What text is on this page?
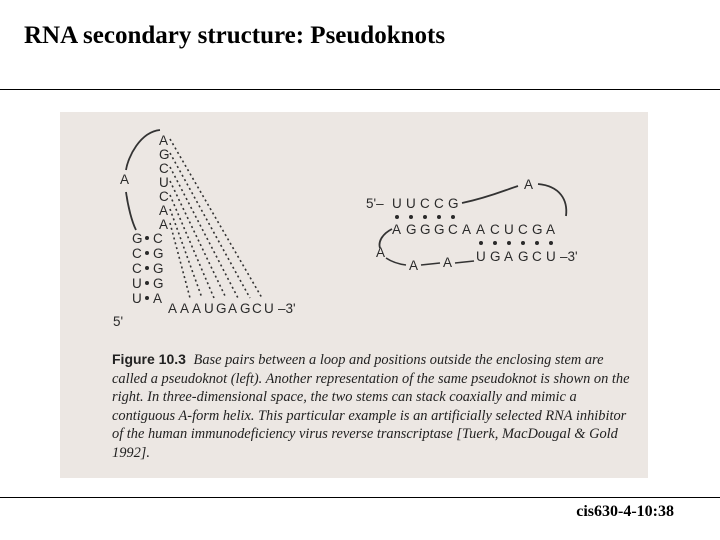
RNA secondary structure: Pseudoknots
A
A
G
C
U
C
A
A
G
C
C
U
U
C
G
G
G
A
A A A U G A G C U –3'
5'
5'– U U C C G
A
A G G G C A A C U C G A
A
A A U G A G C U –3'
Figure 10.3 Base pairs between a loop and positions outside the enclosing stem are called a pseudoknot (left). Another representation of the same pseudoknot is shown on the right. In three-dimensional space, the two stems can stack coaxially and mimic a contiguous A-form helix. This particular example is an artificially selected RNA inhibitor of the human immunodeficiency virus reverse transcriptase [Tuerk, MacDougal & Gold 1992].
cis630-4-10:38
